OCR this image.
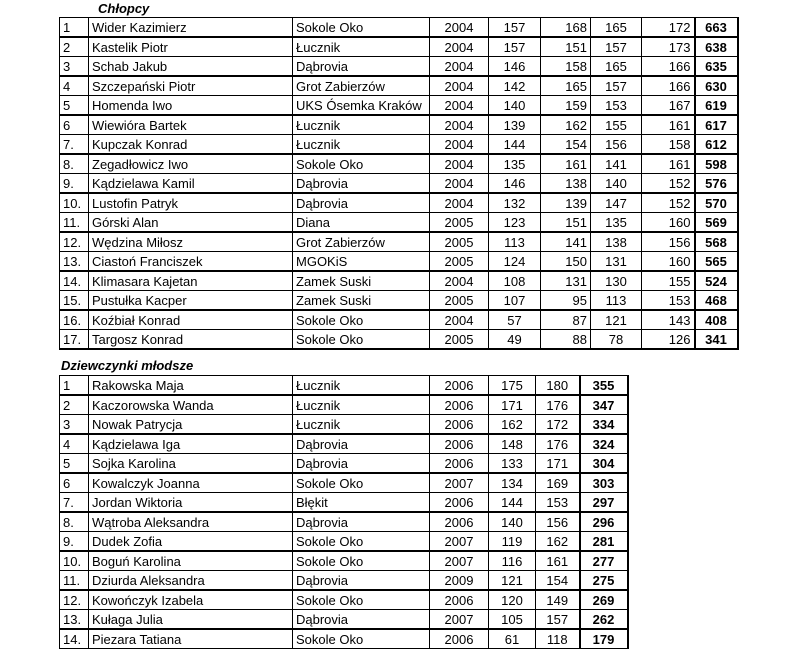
Chłopcy
1	Wider Kazimierz	Sokole Oko	2004	157	168	165	172	663
2	Kastelik Piotr	Łucznik	2004	157	151	157	173	638
3	Schab Jakub	Dąbrovia	2004	146	158	165	166	635
4	Szczepański Piotr	Grot Zabierzów	2004	142	165	157	166	630
5	Homenda Iwo	UKS Ósemka Kraków	2004	140	159	153	167	619
6	Wiewióra Bartek	Łucznik	2004	139	162	155	161	617
7.	Kupczak Konrad	Łucznik	2004	144	154	156	158	612
8.	Zegadłowicz Iwo	Sokole Oko	2004	135	161	141	161	598
9.	Kądzielawa Kamil	Dąbrovia	2004	146	138	140	152	576
10.	Lustofin Patryk	Dąbrovia	2004	132	139	147	152	570
11.	Górski Alan	Diana	2005	123	151	135	160	569
12.	Wędzina Miłosz	Grot Zabierzów	2005	113	141	138	156	568
13.	Ciastoń Franciszek	MGOKiS	2005	124	150	131	160	565
14.	Klimasara Kajetan	Zamek Suski	2004	108	131	130	155	524
15.	Pustułka Kacper	Zamek Suski	2005	107	95	113	153	468
16.	Koźbiał Konrad	Sokole Oko	2004	57	87	121	143	408
17.	Targosz Konrad	Sokole Oko	2005	49	88	78	126	341
Dziewczynki młodsze
1	Rakowska Maja	Łucznik	2006	175	180	355
2	Kaczorowska Wanda	Łucznik	2006	171	176	347
3	Nowak Patrycja	Łucznik	2006	162	172	334
4	Kądzielawa Iga	Dąbrovia	2006	148	176	324
5	Sojka Karolina	Dąbrovia	2006	133	171	304
6	Kowalczyk Joanna	Sokole Oko	2007	134	169	303
7.	Jordan Wiktoria	Błękit	2006	144	153	297
8.	Wątroba Aleksandra	Dąbrovia	2006	140	156	296
9.	Dudek Zofia	Sokole Oko	2007	119	162	281
10.	Boguń Karolina	Sokole Oko	2007	116	161	277
11.	Dziurda Aleksandra	Dąbrovia	2009	121	154	275
12.	Kowończyk Izabela	Sokole Oko	2006	120	149	269
13.	Kułaga Julia	Dąbrovia	2007	105	157	262
14.	Piezara Tatiana	Sokole Oko	2006	61	118	179
